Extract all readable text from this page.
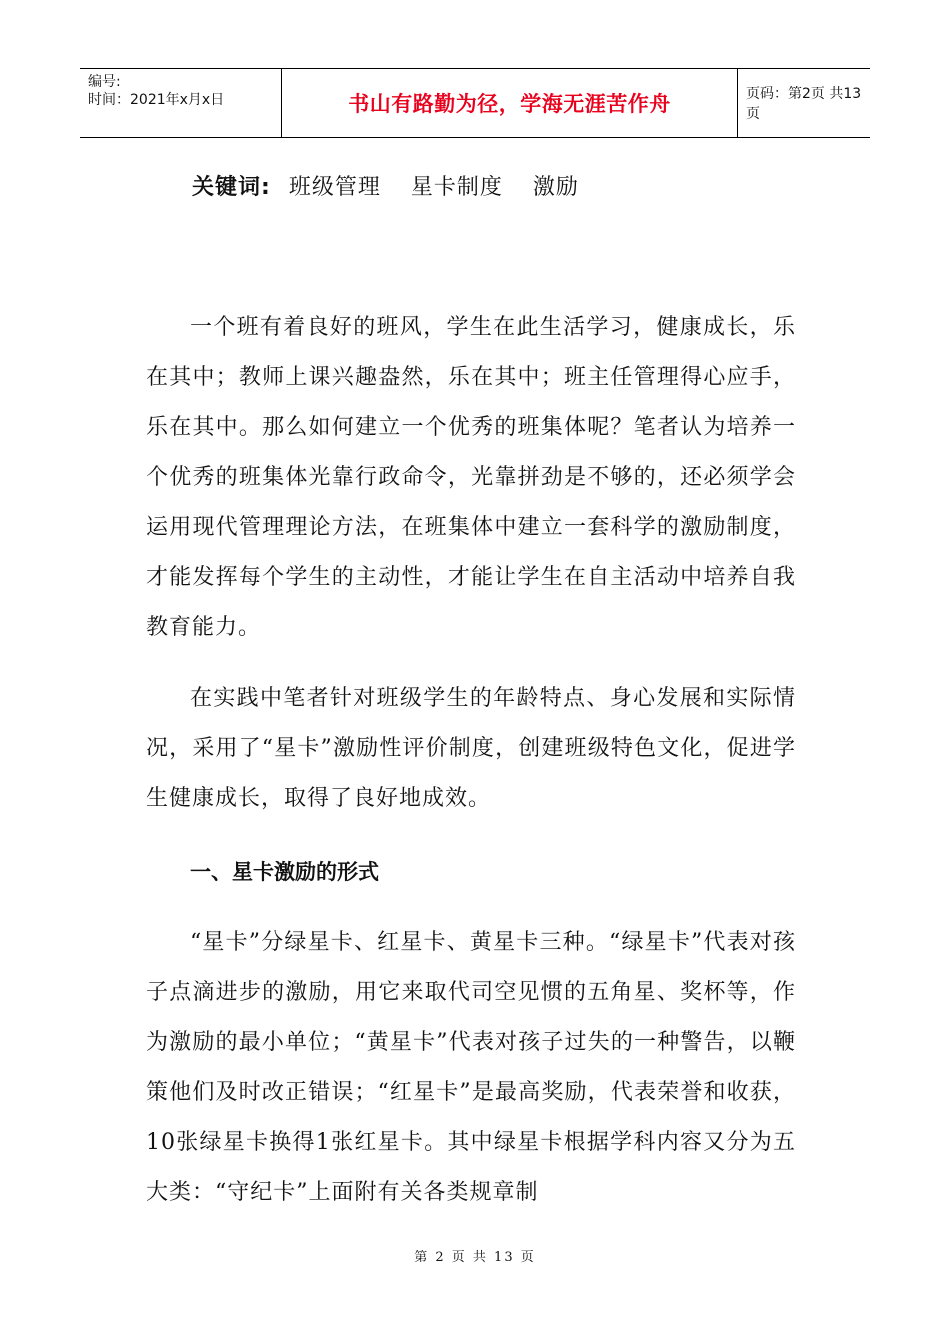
编号:
时间：2021年x月x日	书山有路勤为径，学海无涯苦作舟	页码：第2页 共13页
关键词: 班级管理 星卡制度 激励
一个班有着良好的班风，学生在此生活学习，健康成长，乐在其中；教师上课兴趣盎然，乐在其中；班主任管理得心应手，乐在其中。那么如何建立一个优秀的班集体呢？笔者认为培养一个优秀的班集体光靠行政命令，光靠拼劲是不够的，还必须学会运用现代管理理论方法，在班集体中建立一套科学的激励制度，才能发挥每个学生的主动性，才能让学生在自主活动中培养自我教育能力。
在实践中笔者针对班级学生的年龄特点、身心发展和实际情况，采用了“星卡”激励性评价制度，创建班级特色文化，促进学生健康成长，取得了良好地成效。
一、星卡激励的形式
“星卡”分绿星卡、红星卡、黄星卡三种。“绿星卡”代表对孩子点滴进步的激励，用它来取代司空见惯的五角星、奖杯等，作为激励的最小单位；“黄星卡”代表对孩子过失的一种警告，以鞭策他们及时改正错误；“红星卡”是最高奖励，代表荣誉和收获，10张绿星卡换得1张红星卡。其中绿星卡根据学科内容又分为五大类：“守纪卡”上面附有关各类规章制
第 2 页 共 13 页
